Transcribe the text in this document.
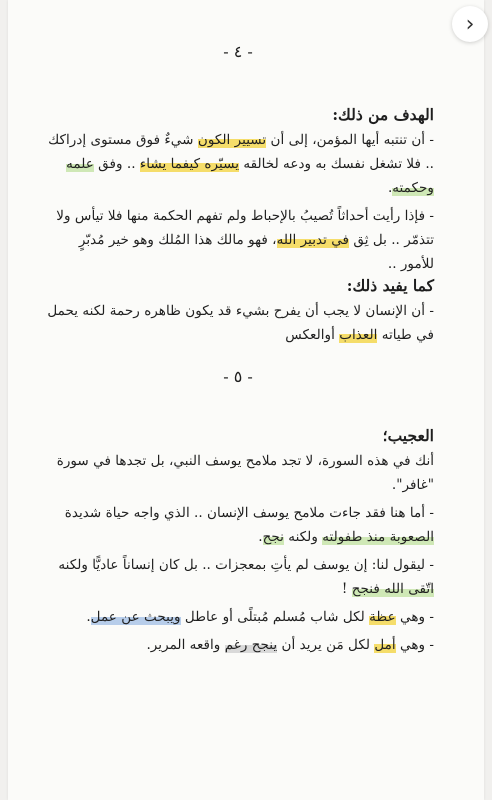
- ٤ -
الهدف من ذلك:

- أن تنتبه أيها المؤمن، إلى أن تسيير الكون شيءٌ فوق مستوى إدراكك .. فلا تشغل نفسك به ودعه لخالقه يسيّره كيفما يشاء .. وفق علمه وحكمته.

- فإذا رأيت أحداثاً تُصيبُ بالإحباط ولم تفهم الحكمة منها فلا تيأس ولا تتذمّر .. بل ثِق في تدبير الله، فهو مالك هذا المُلك وهو خير مُدبّرٍ للأمور ..

كما يفيد ذلك:

- أن الإنسان لا يجب أن يفرح بشيء قد يكون ظاهره رحمة لكنه يحمل في طياته العذاب أوالعكس

- ٥ -
العجيب؛

أنك في هذه السورة، لا تجد ملامح يوسف النبي، بل تجدها في سورة "غافر".

- أما هنا فقد جاءت ملامح يوسف الإنسان .. الذي واجه حياة شديدة الصعوبة منذ طفولته ولكنه نجح.

- ليقول لنا: إن يوسف لم يأتِ بمعجزات .. بل كان إنساناً عاديًّا ولكنه اتّقى الله فنجح !

- وهي عظة لكل شاب مُسلم مُبتلًى أو عاطل ويبحث عن عمل.

- وهي أمل لكل مَن يريد أن ينجح رغم واقعه المرير.

›
